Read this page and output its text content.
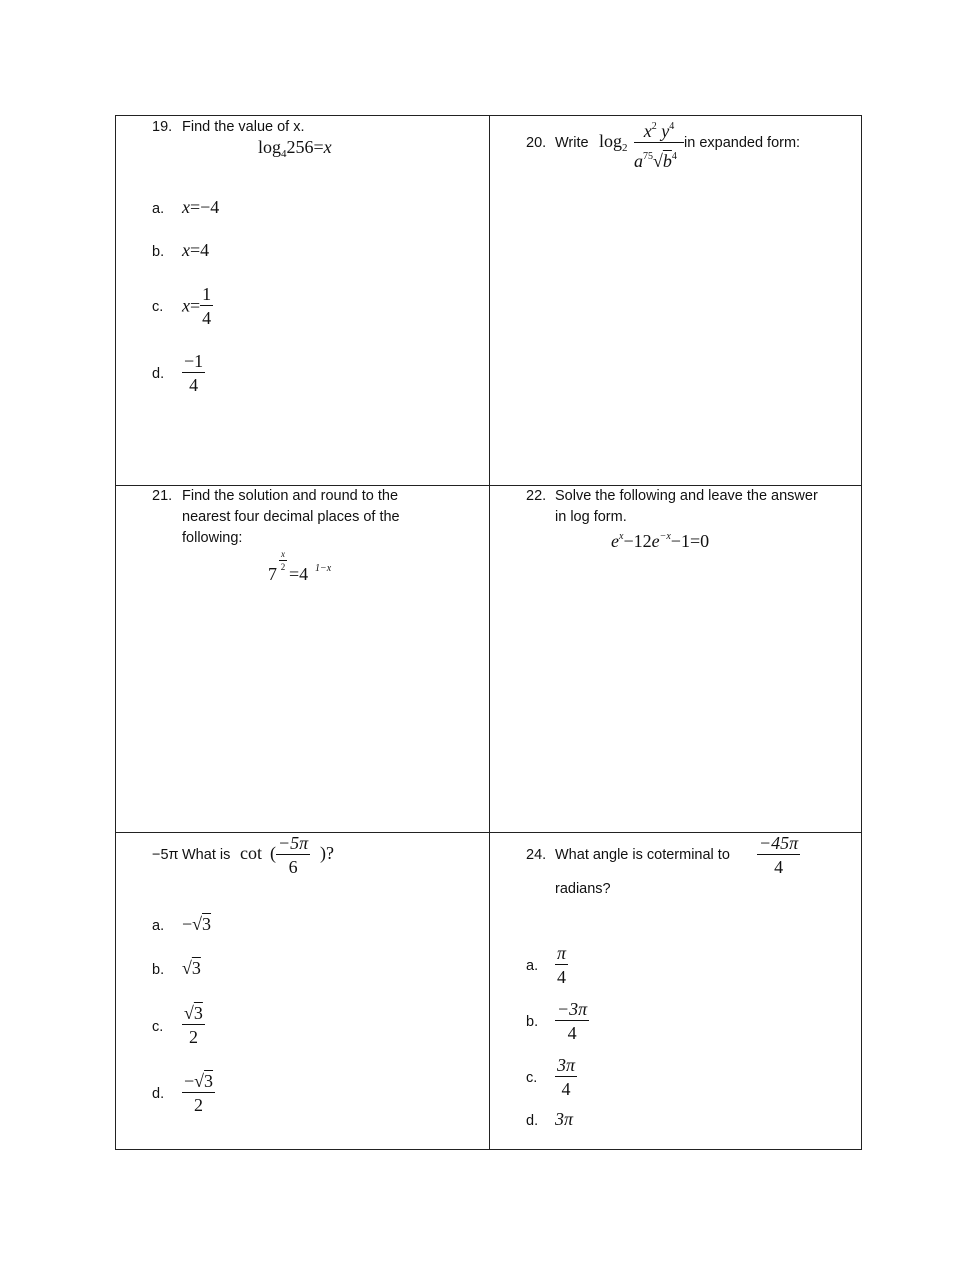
19. Find the value of x.
$\log_4256=x$
a. x=−4
b. x=4
c. $x= \frac{1}{4}$
d. $\frac{-1}{4}$
20. Write $\log_2$
$x^2$ $y^4$
$a^{75}√b^4$
in expanded form:
21. Find the solution and round to the
nearest four decimal places of the
following:
7
x
2 =4 1−x
22. Solve the following and leave the answer
in log form.
$e^x-12e^{-x}-1=0$
−5π What is cot ( $\frac{-5\pi}{6}$ )?
a. −√3
b. √3
c. $\frac{√3}{2}$
d. $\frac{-√3}{2}$
24. What angle is coterminal to $\frac{-45\pi}{4}$
radians?
a. $\frac{\pi}{4}$
b. $\frac{-3\pi}{4}$
c. $\frac{3\pi}{4}$
d. 3π
